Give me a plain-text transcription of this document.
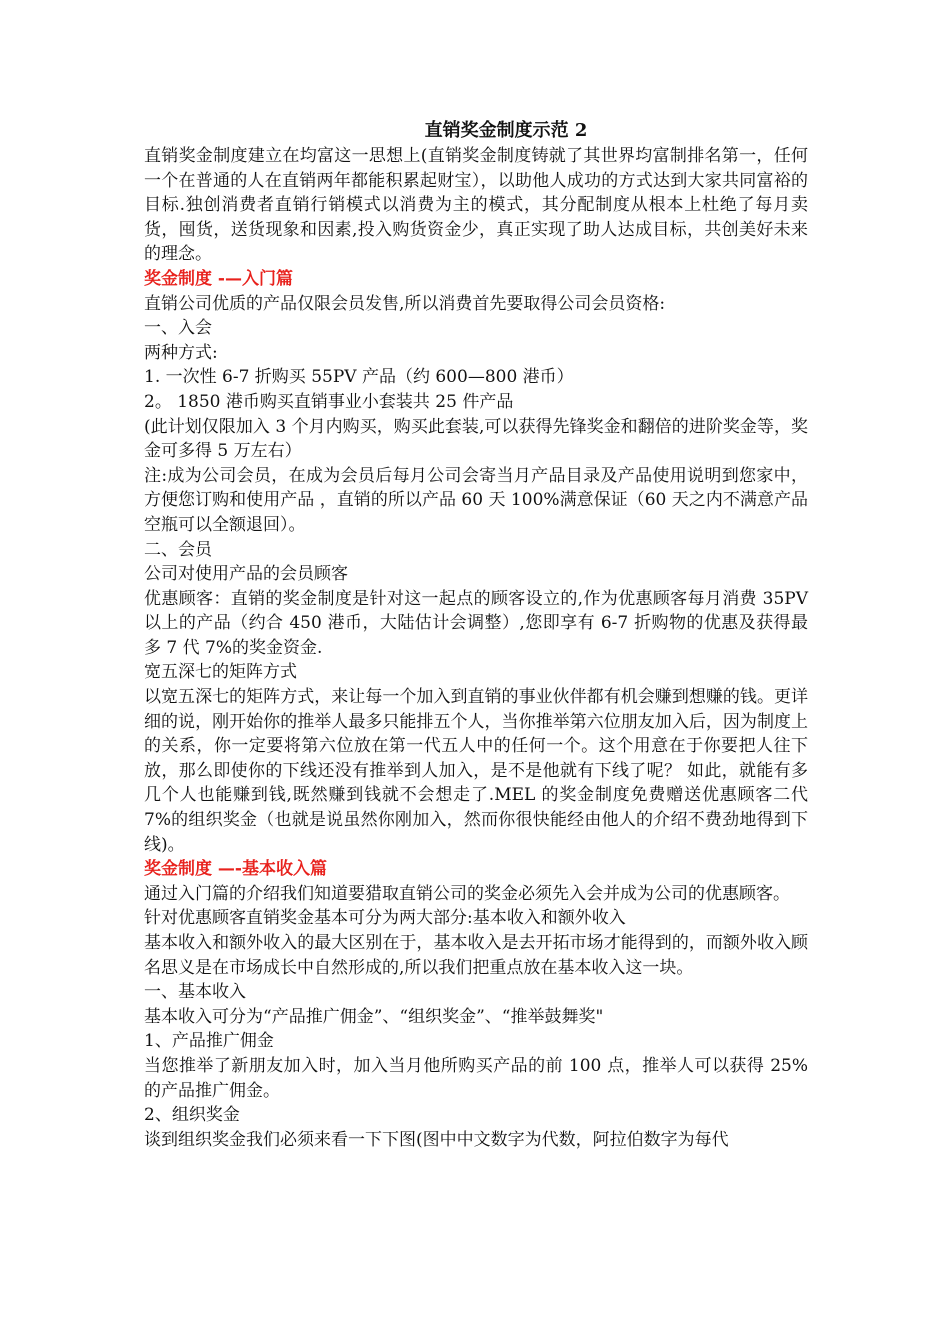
直销奖金制度示范 2

直销奖金制度建立在均富这一思想上(直销奖金制度铸就了其世界均富制排名第一，任何一个在普通的人在直销两年都能积累起财宝），以助他人成功的方式达到大家共同富裕的目标.独创消费者直销行销模式以消费为主的模式，其分配制度从根本上杜绝了每月卖货，囤货，送货现象和因素,投入购货资金少，真正实现了助人达成目标，共创美好未来的理念。

奖金制度 -—入门篇

直销公司优质的产品仅限会员发售,所以消费首先要取得公司会员资格:

一、入会

两种方式:

1. 一次性 6-7 折购买 55PV 产品（约 600—800 港币）

2。 1850 港币购买直销事业小套装共 25 件产品

(此计划仅限加入 3 个月内购买，购买此套装,可以获得先锋奖金和翻倍的进阶奖金等，奖金可多得 5 万左右）

注:成为公司会员，在成为会员后每月公司会寄当月产品目录及产品使用说明到您家中，方便您订购和使用产品 ，直销的所以产品 60 天 100%满意保证（60 天之内不满意产品空瓶可以全额退回）。

二、会员

公司对使用产品的会员顾客

优惠顾客：直销的奖金制度是针对这一起点的顾客设立的,作为优惠顾客每月消费 35PV 以上的产品（约合 450 港币，大陆估计会调整）,您即享有 6-7 折购物的优惠及获得最多 7 代 7%的奖金资金.

宽五深七的矩阵方式

以宽五深七的矩阵方式，来让每一个加入到直销的事业伙伴都有机会赚到想赚的钱。更详细的说，刚开始你的推举人最多只能排五个人，当你推举第六位朋友加入后，因为制度上的关系，你一定要将第六位放在第一代五人中的任何一个。这个用意在于你要把人往下放，那么即使你的下线还没有推举到人加入，是不是他就有下线了呢？ 如此，就能有多几个人也能赚到钱,既然赚到钱就不会想走了.MEL 的奖金制度免费赠送优惠顾客二代 7%的组织奖金（也就是说虽然你刚加入，然而你很快能经由他人的介绍不费劲地得到下线)。

奖金制度 —-基本收入篇

通过入门篇的介绍我们知道要猎取直销公司的奖金必须先入会并成为公司的优惠顾客。

针对优惠顾客直销奖金基本可分为两大部分:基本收入和额外收入

基本收入和额外收入的最大区别在于，基本收入是去开拓市场才能得到的，而额外收入顾名思义是在市场成长中自然形成的,所以我们把重点放在基本收入这一块。

一、基本收入

基本收入可分为“产品推广佣金”、“组织奖金”、“推举鼓舞奖"

1、产品推广佣金

当您推举了新朋友加入时，加入当月他所购买产品的前 100 点，推举人可以获得 25%的产品推广佣金。

2、组织奖金

谈到组织奖金我们必须来看一下下图(图中中文数字为代数，阿拉伯数字为每代
